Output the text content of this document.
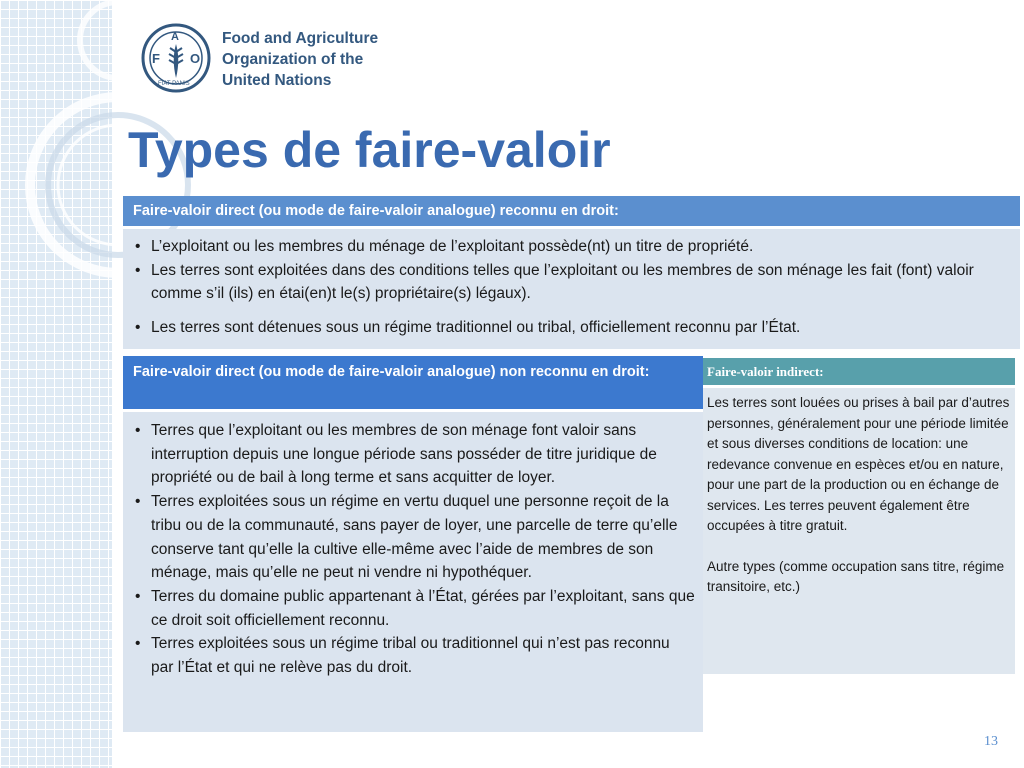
F
A
O
FIAT PANIS
Food and Agriculture
Organization of the
United Nations
Types de faire-valoir
Faire-valoir direct (ou mode de faire-valoir analogue) reconnu en droit:
• L’exploitant ou les membres du ménage de l’exploitant possède(nt) un titre de propriété.
• Les terres sont exploitées dans des conditions telles que l’exploitant ou les membres de son ménage les fait (font) valoir comme s’il (ils) en étai(en)t le(s) propriétaire(s) légaux).
• Les terres sont détenues sous un régime traditionnel ou tribal, officiellement reconnu par l’État.
Faire-valoir direct (ou mode de faire-valoir analogue) non reconnu en droit:
• Terres que l’exploitant ou les membres de son ménage font valoir sans interruption depuis une longue période sans posséder de titre juridique de propriété ou de bail à long terme et sans acquitter de loyer.
• Terres exploitées sous un régime en vertu duquel une personne reçoit de la tribu ou de la communauté, sans payer de loyer, une parcelle de terre qu’elle conserve tant qu’elle la cultive elle-même avec l’aide de membres de son ménage, mais qu’elle ne peut ni vendre ni hypothéquer.
• Terres du domaine public appartenant à l’État, gérées par l’exploitant, sans que ce droit soit officiellement reconnu.
• Terres exploitées sous un régime tribal ou traditionnel qui n’est pas reconnu par l’État et qui ne relève pas du droit.
Faire-valoir indirect:

Les terres sont louées ou prises à bail par d’autres personnes, généralement pour une période limitée et sous diverses conditions de location: une redevance convenue en espèces et/ou en nature, pour une part de la production ou en échange de services. Les terres peuvent également être occupées à titre gratuit.

Autre types (comme occupation sans titre, régime transitoire, etc.)

13
